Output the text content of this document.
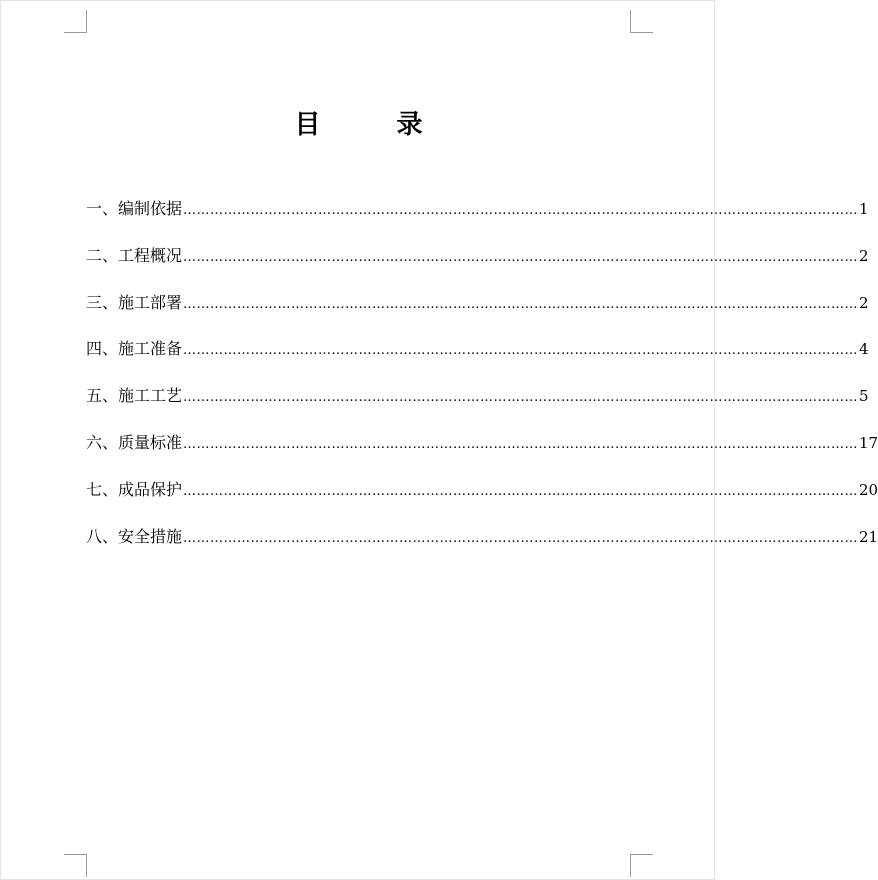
目	录
一、编制依据 …………………………………………………………………………………………………………………………………… 1
二、工程概况 …………………………………………………………………………………………………………………………………… 2
三、施工部署 …………………………………………………………………………………………………………………………………… 2
四、施工准备 …………………………………………………………………………………………………………………………………… 4
五、施工工艺 …………………………………………………………………………………………………………………………………… 5
六、质量标准 …………………………………………………………………………………………………………………………………… 17
七、成品保护 …………………………………………………………………………………………………………………………………… 20
八、安全措施 …………………………………………………………………………………………………………………………………… 21
